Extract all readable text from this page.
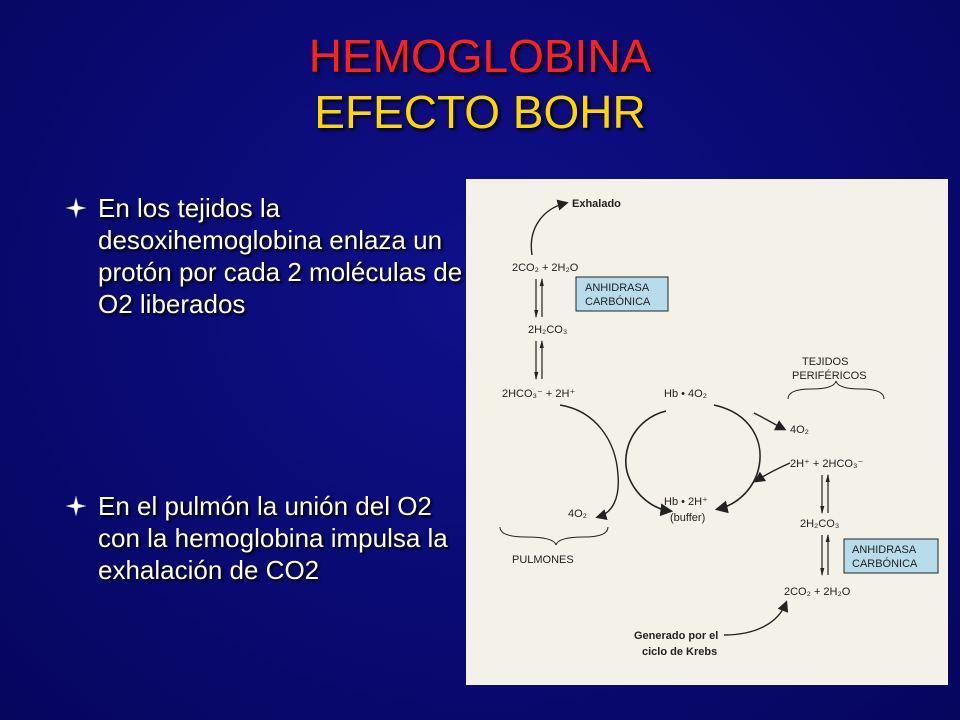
HEMOGLOBINA
EFECTO BOHR
En los tejidos la desoxihemoglobina enlaza un protón por cada 2 moléculas de O2 liberados
En el pulmón la unión del O2 con la hemoglobina impulsa la exhalación de CO2
Exhalado
2CO₂ + 2H₂O
ANHIDRASA
CARBÓNICA
2H₂CO₃
2HCO₃⁻ + 2H⁺	Hb • 4O₂
TEJIDOS
PERIFÉRICOS
4O₂
2H⁺ + 2HCO₃⁻
4O₂
Hb • 2H⁺
(buffer)	2H₂CO₃
ANHIDRASA
CARBÓNICA
PULMONES
2CO₂ + 2H₂O
Generado por el
ciclo de Krebs
